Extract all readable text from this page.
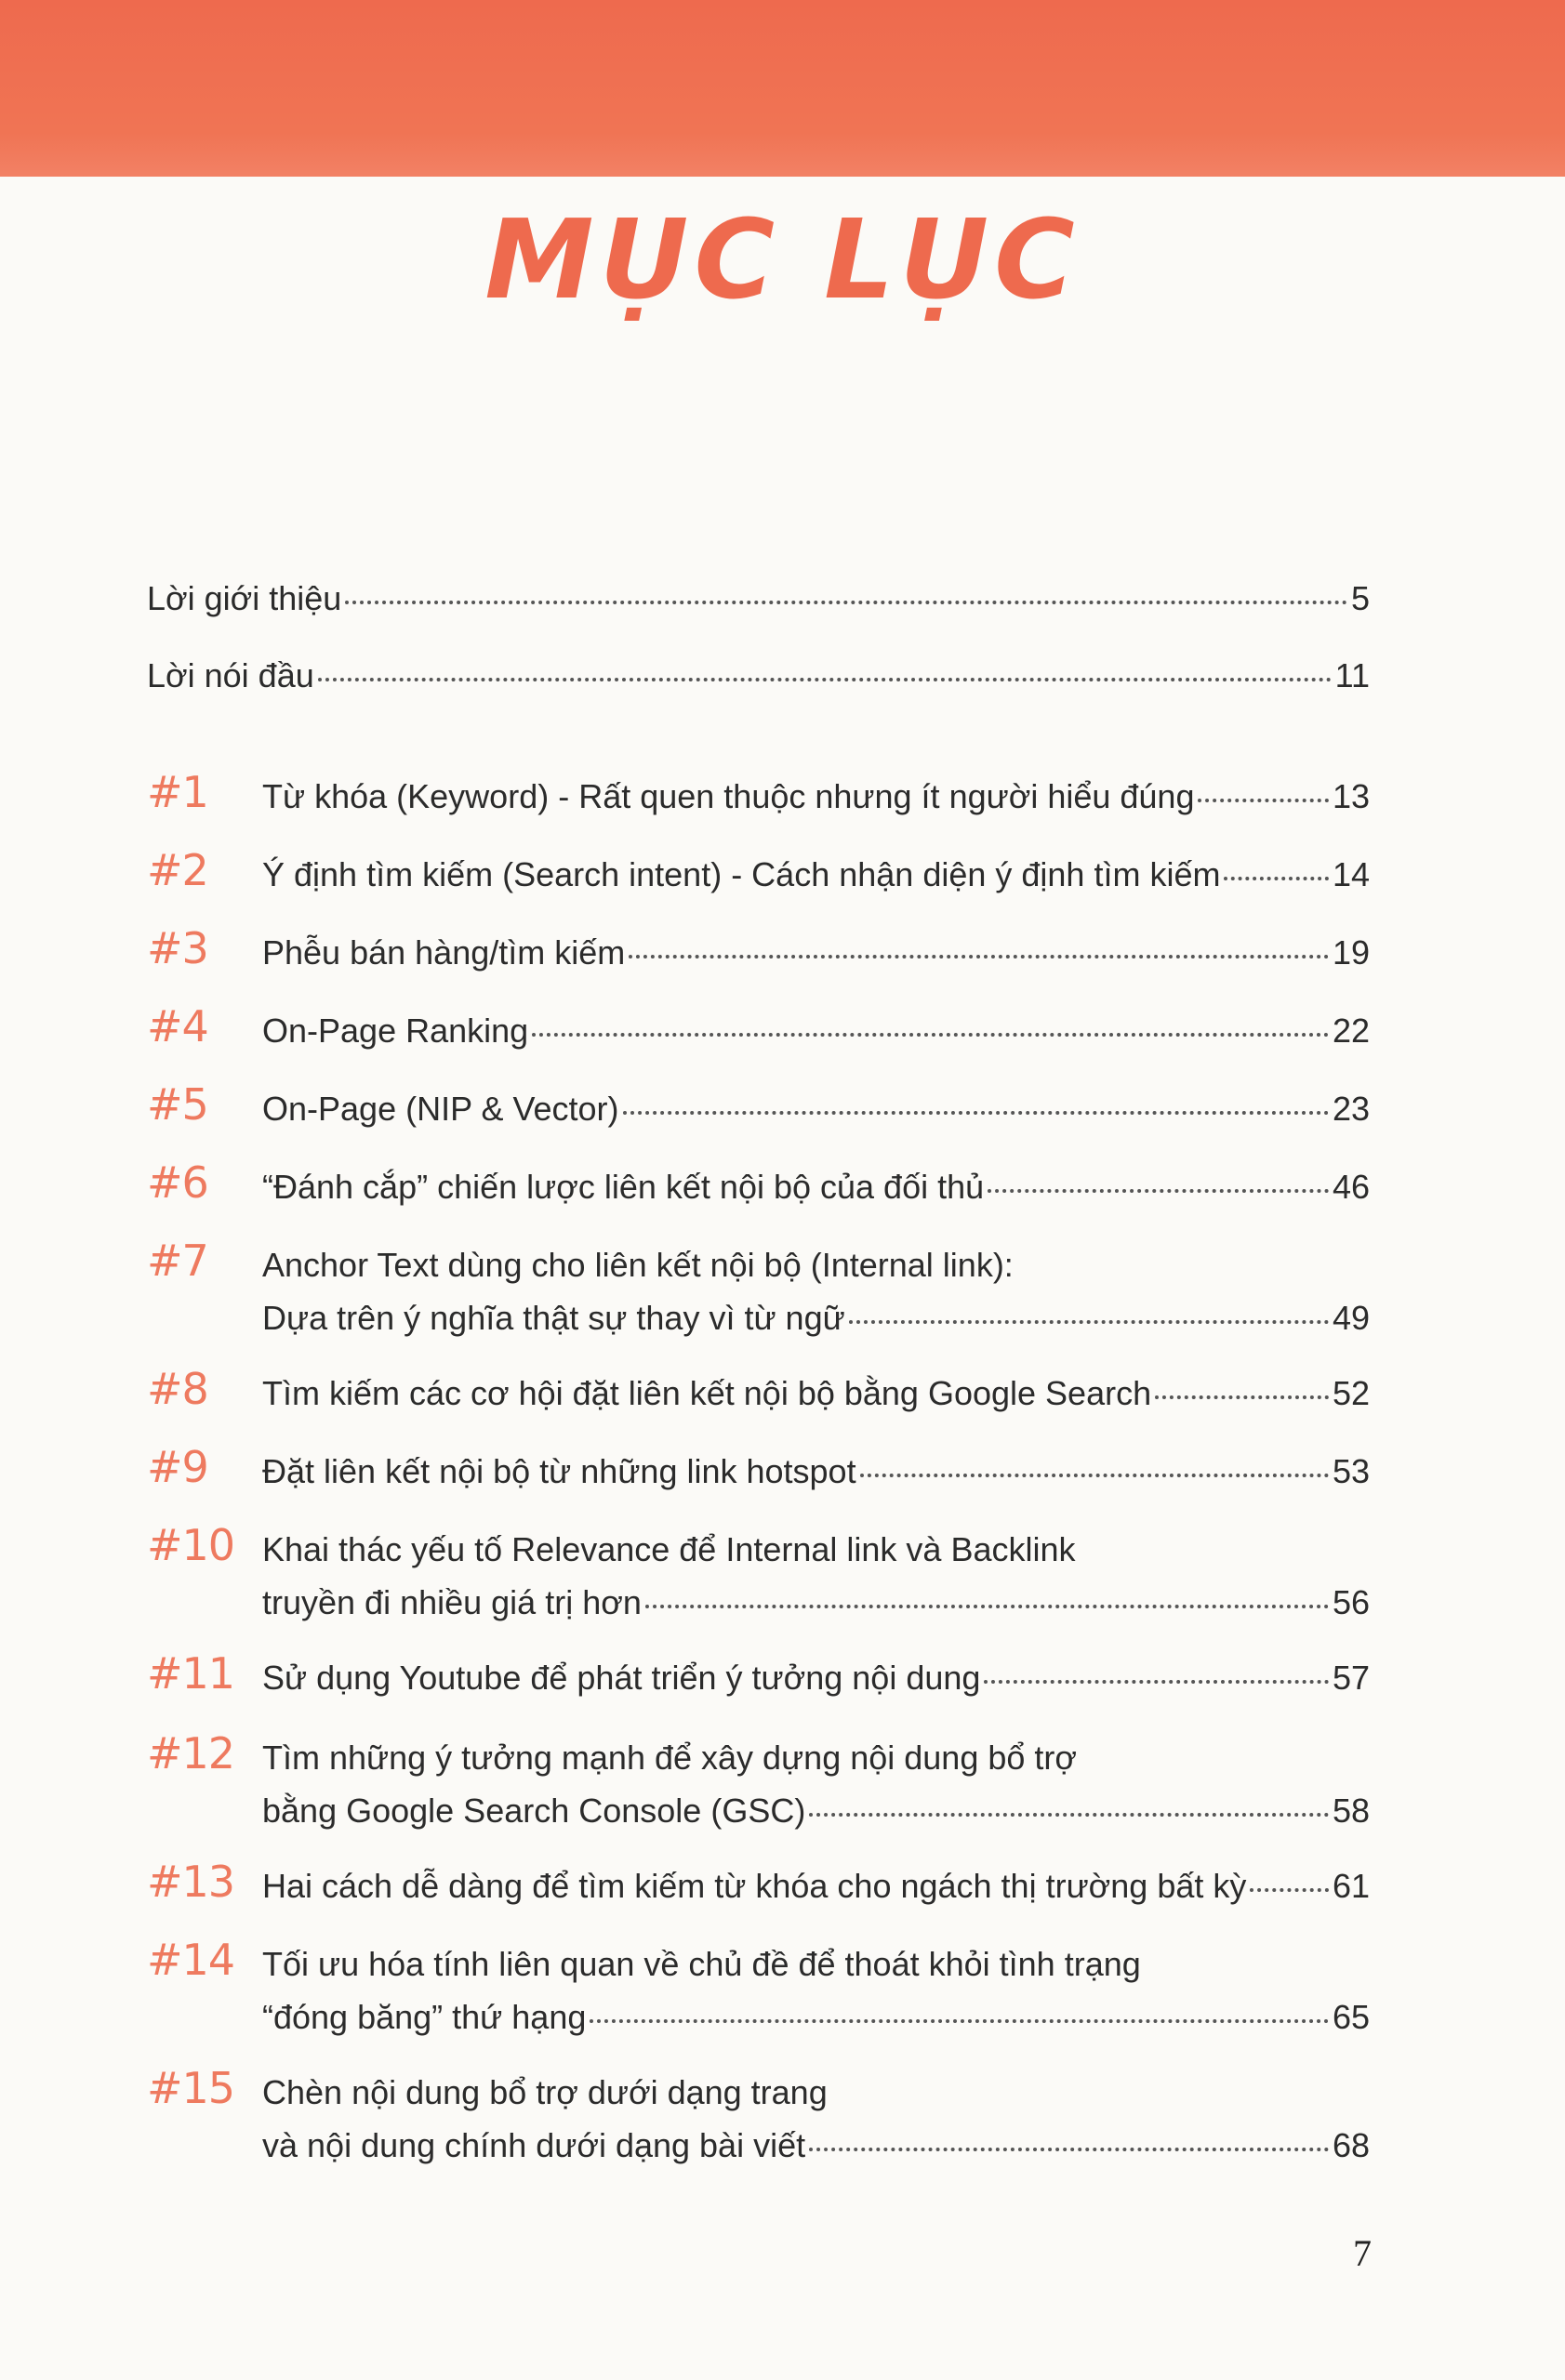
MỤC LỤC
Lời giới thiệu	5
Lời nói đầu	11
#1 Từ khóa (Keyword) - Rất quen thuộc nhưng ít người hiểu đúng	13
#2 Ý định tìm kiếm (Search intent) - Cách nhận diện ý định tìm kiếm	14
#3 Phễu bán hàng/tìm kiếm	19
#4 On-Page Ranking	22
#5 On-Page (NIP & Vector)	23
#6 “Đánh cắp” chiến lược liên kết nội bộ của đối thủ	46
#7 Anchor Text dùng cho liên kết nội bộ (Internal link):
Dựa trên ý nghĩa thật sự thay vì từ ngữ	49
#8 Tìm kiếm các cơ hội đặt liên kết nội bộ bằng Google Search	52
#9 Đặt liên kết nội bộ từ những link hotspot	53
#10 Khai thác yếu tố Relevance để Internal link và Backlink
truyền đi nhiều giá trị hơn	56
#11 Sử dụng Youtube để phát triển ý tưởng nội dung	57
#12 Tìm những ý tưởng mạnh để xây dựng nội dung bổ trợ
bằng Google Search Console (GSC)	58
#13 Hai cách dễ dàng để tìm kiếm từ khóa cho ngách thị trường bất kỳ	61
#14 Tối ưu hóa tính liên quan về chủ đề để thoát khỏi tình trạng
“đóng băng” thứ hạng	65
#15 Chèn nội dung bổ trợ dưới dạng trang
và nội dung chính dưới dạng bài viết	68
7
